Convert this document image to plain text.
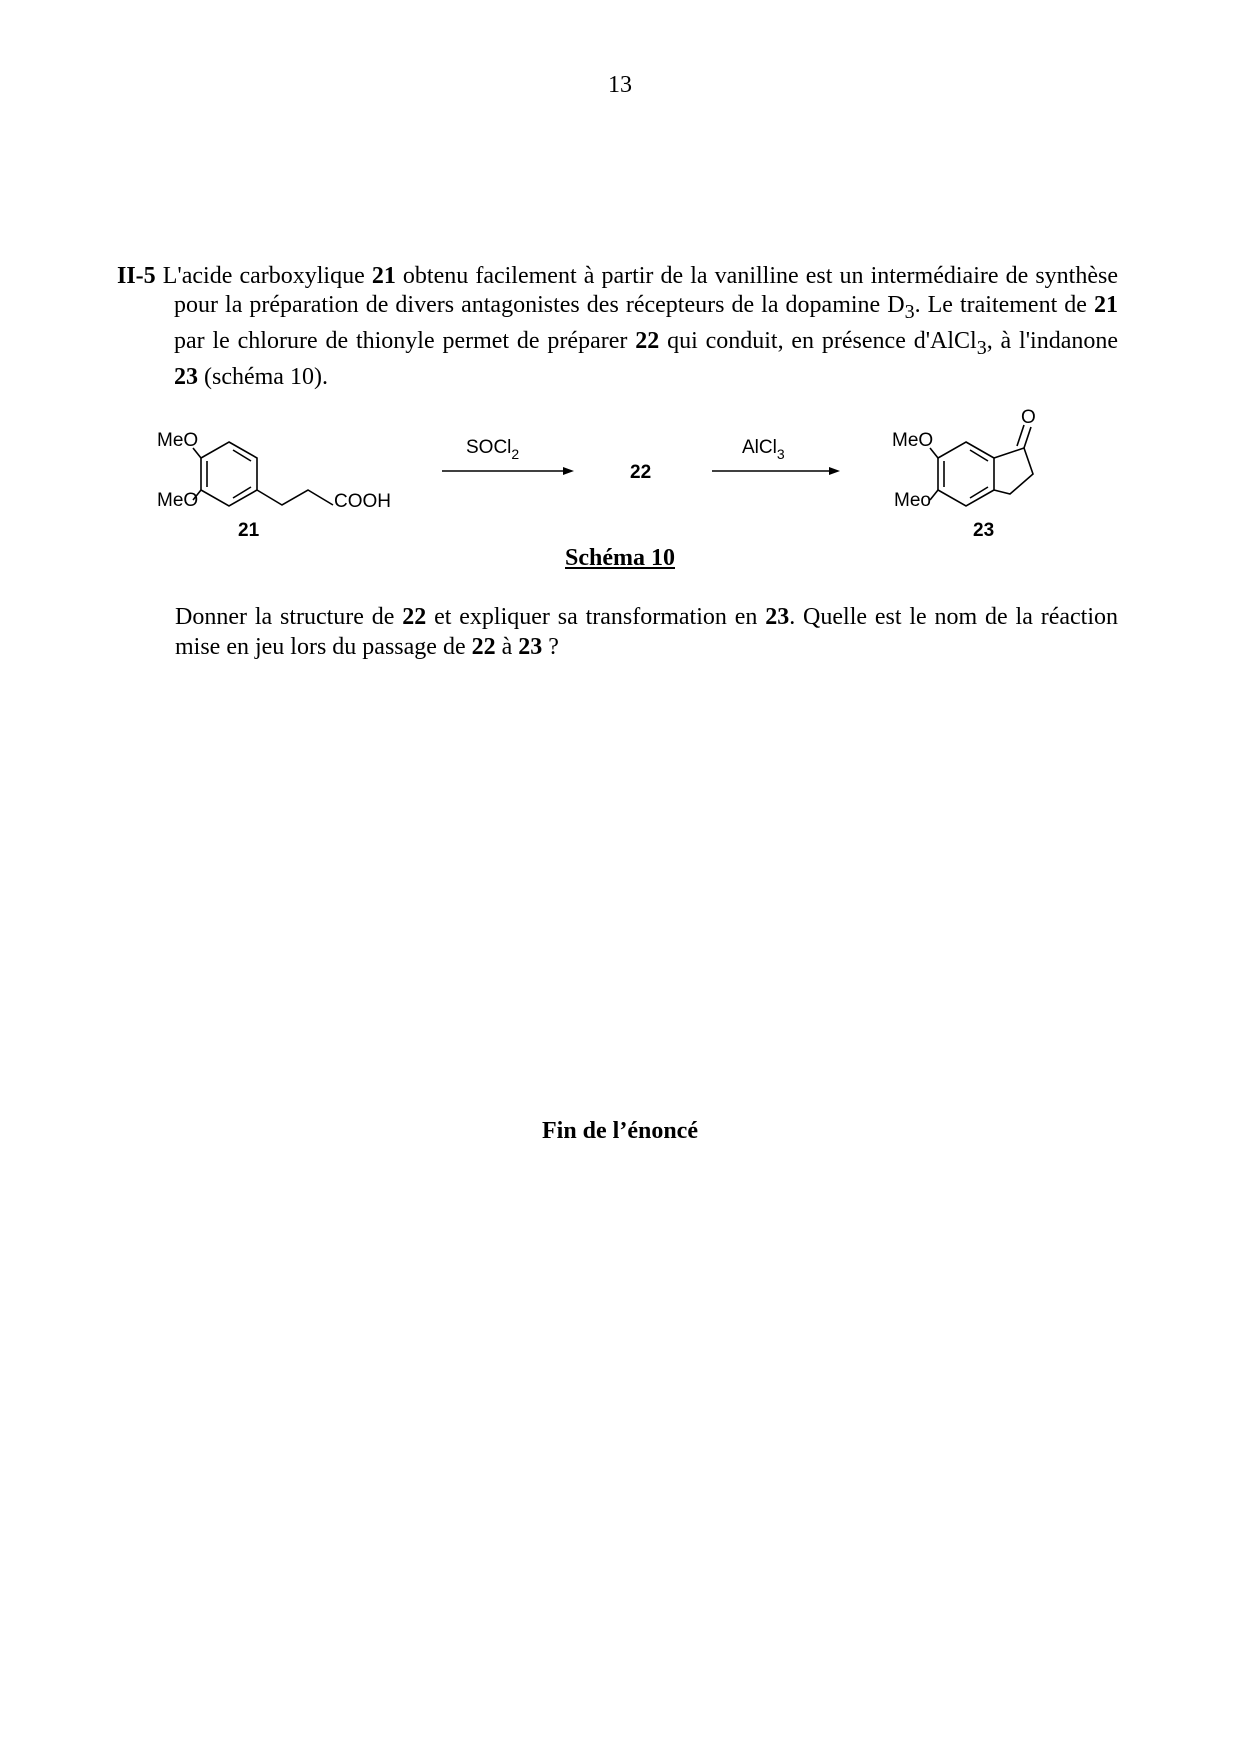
13
II-5 L'acide carboxylique 21 obtenu facilement à partir de la vanilline est un intermédiaire de synthèse pour la préparation de divers antagonistes des récepteurs de la dopamine $D_3$. Le traitement de 21 par le chlorure de thionyle permet de préparer 22 qui conduit, en présence d'AlCl$_3$, à l'indanone 23 (schéma 10).
MeO
MeO	COOH
21
SOCl$_2$
22
AlCl$_3$
O
MeO
Meo
23
Schéma 10
Donner la structure de 22 et expliquer sa transformation en 23. Quelle est le nom de la réaction mise en jeu lors du passage de 22 à 23 ?
Fin de l’énoncé
